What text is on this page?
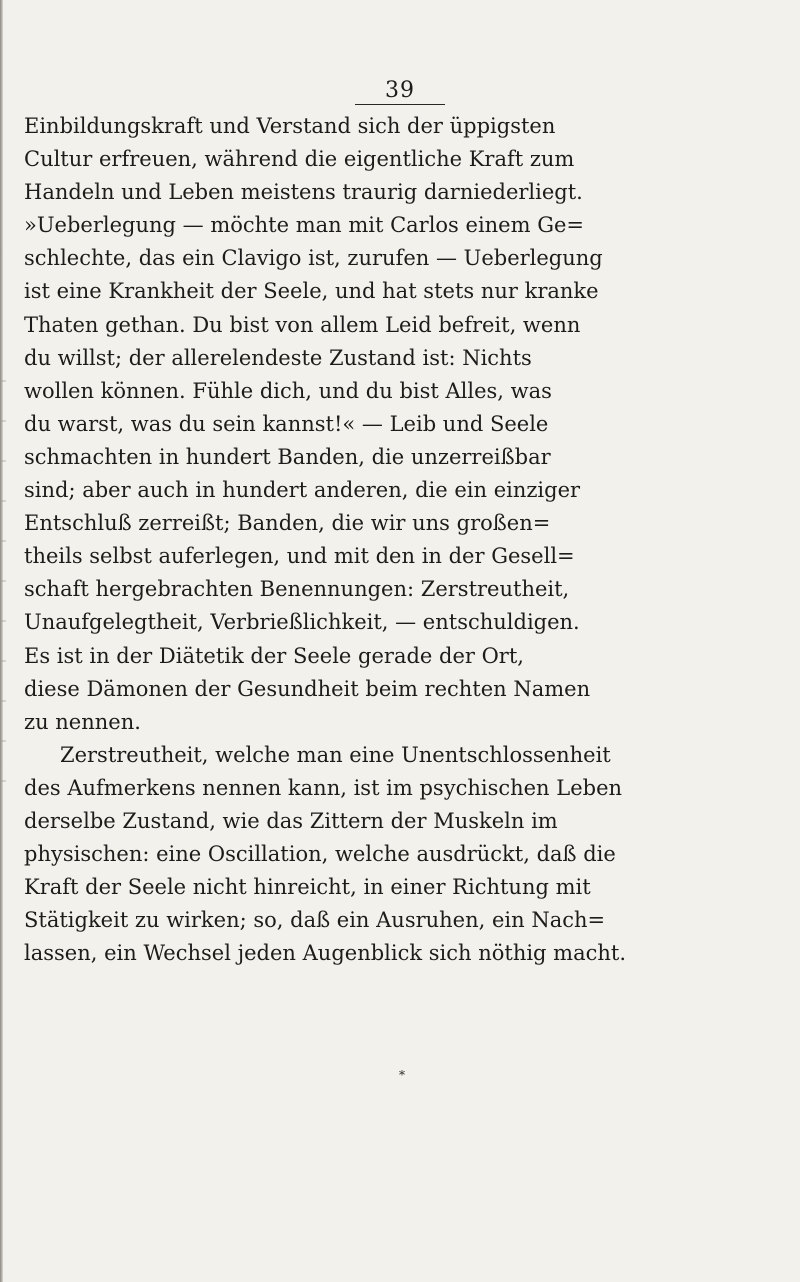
39
Einbildungskraft und Verstand sich der üppigsten
Cultur erfreuen, während die eigentliche Kraft zum
Handeln und Leben meistens traurig darniederliegt.
»Ueberlegung — möchte man mit Carlos einem Ge=
schlechte, das ein Clavigo ist, zurufen — Ueberlegung
ist eine Krankheit der Seele, und hat stets nur kranke
Thaten gethan. Du bist von allem Leid befreit, wenn
du willst; der allerelendeste Zustand ist: Nichts
wollen können. Fühle dich, und du bist Alles, was
du warst, was du sein kannst!« — Leib und Seele
schmachten in hundert Banden, die unzerreißbar
sind; aber auch in hundert anderen, die ein einziger
Entschluß zerreißt; Banden, die wir uns großen=
theils selbst auferlegen, und mit den in der Gesell=
schaft hergebrachten Benennungen: Zerstreutheit,
Unaufgelegtheit, Verbrießlichkeit, — entschuldigen.
Es ist in der Diätetik der Seele gerade der Ort,
diese Dämonen der Gesundheit beim rechten Namen
zu nennen.
Zerstreutheit, welche man eine Unentschlossenheit
des Aufmerkens nennen kann, ist im psychischen Leben
derselbe Zustand, wie das Zittern der Muskeln im
physischen: eine Oscillation, welche ausdrückt, daß die
Kraft der Seele nicht hinreicht, in einer Richtung mit
Stätigkeit zu wirken; so, daß ein Ausruhen, ein Nach=
lassen, ein Wechsel jeden Augenblick sich nöthig macht.
*
